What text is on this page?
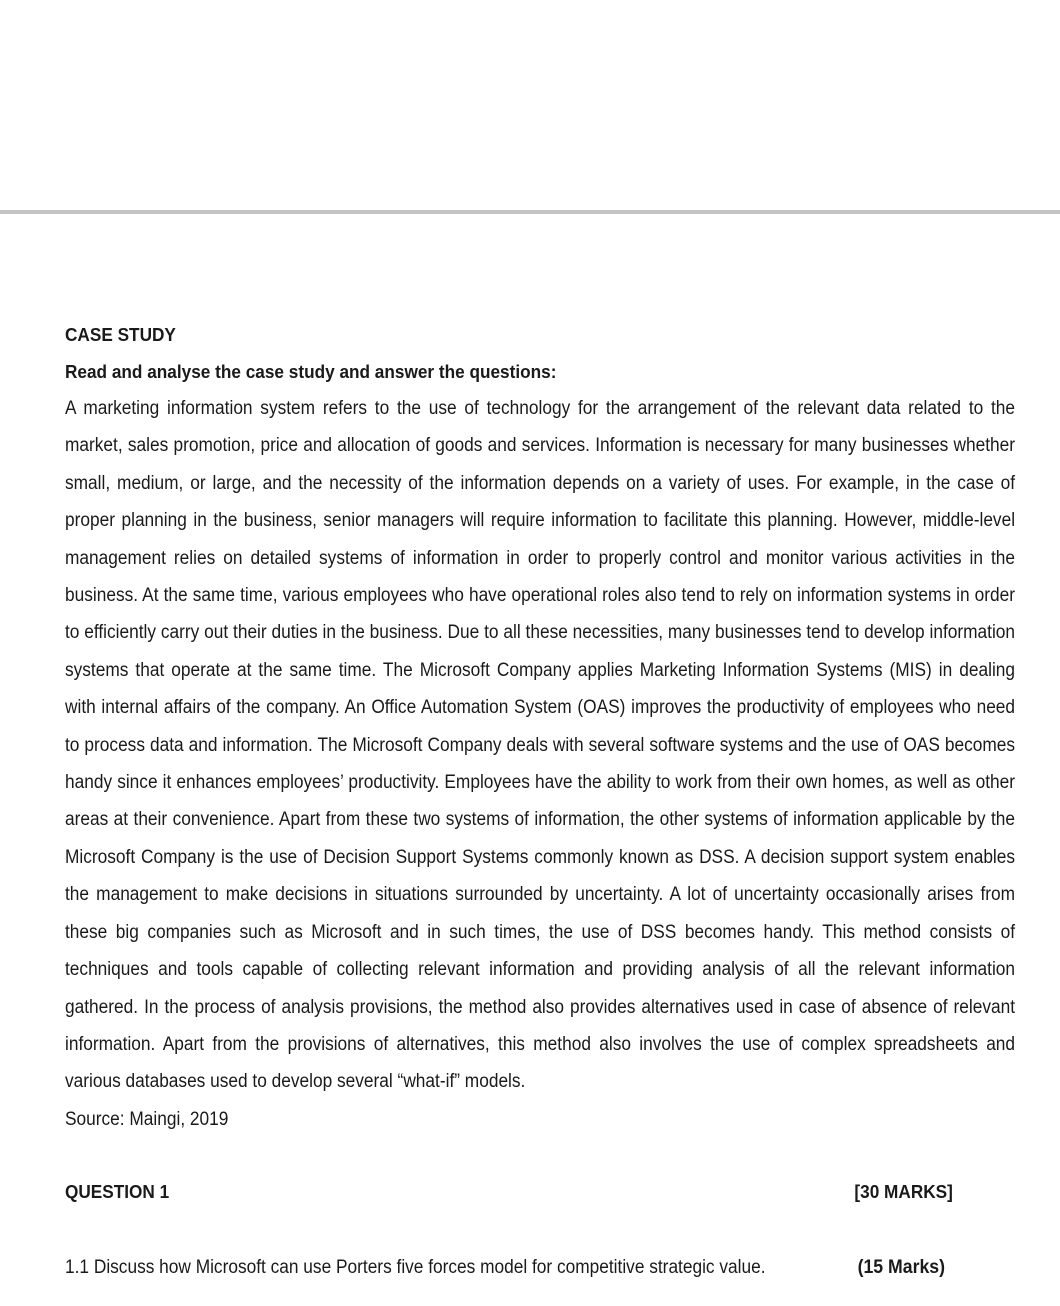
CASE STUDY
Read and analyse the case study and answer the questions:
A marketing information system refers to the use of technology for the arrangement of the relevant data related to the market, sales promotion, price and allocation of goods and services. Information is necessary for many businesses whether small, medium, or large, and the necessity of the information depends on a variety of uses. For example, in the case of proper planning in the business, senior managers will require information to facilitate this planning. However, middle-level management relies on detailed systems of information in order to properly control and monitor various activities in the business. At the same time, various employees who have operational roles also tend to rely on information systems in order to efficiently carry out their duties in the business. Due to all these necessities, many businesses tend to develop information systems that operate at the same time. The Microsoft Company applies Marketing Information Systems (MIS) in dealing with internal affairs of the company. An Office Automation System (OAS) improves the productivity of employees who need to process data and information. The Microsoft Company deals with several software systems and the use of OAS becomes handy since it enhances employees’ productivity. Employees have the ability to work from their own homes, as well as other areas at their convenience. Apart from these two systems of information, the other systems of information applicable by the Microsoft Company is the use of Decision Support Systems commonly known as DSS. A decision support system enables the management to make decisions in situations surrounded by uncertainty. A lot of uncertainty occasionally arises from these big companies such as Microsoft and in such times, the use of DSS becomes handy. This method consists of techniques and tools capable of collecting relevant information and providing analysis of all the relevant information gathered. In the process of analysis provisions, the method also provides alternatives used in case of absence of relevant information. Apart from the provisions of alternatives, this method also involves the use of complex spreadsheets and various databases used to develop several “what-if” models.
Source: Maingi, 2019
QUESTION 1	[30 MARKS]
1.1 Discuss how Microsoft can use Porters five forces model for competitive strategic value.	(15 Marks)
